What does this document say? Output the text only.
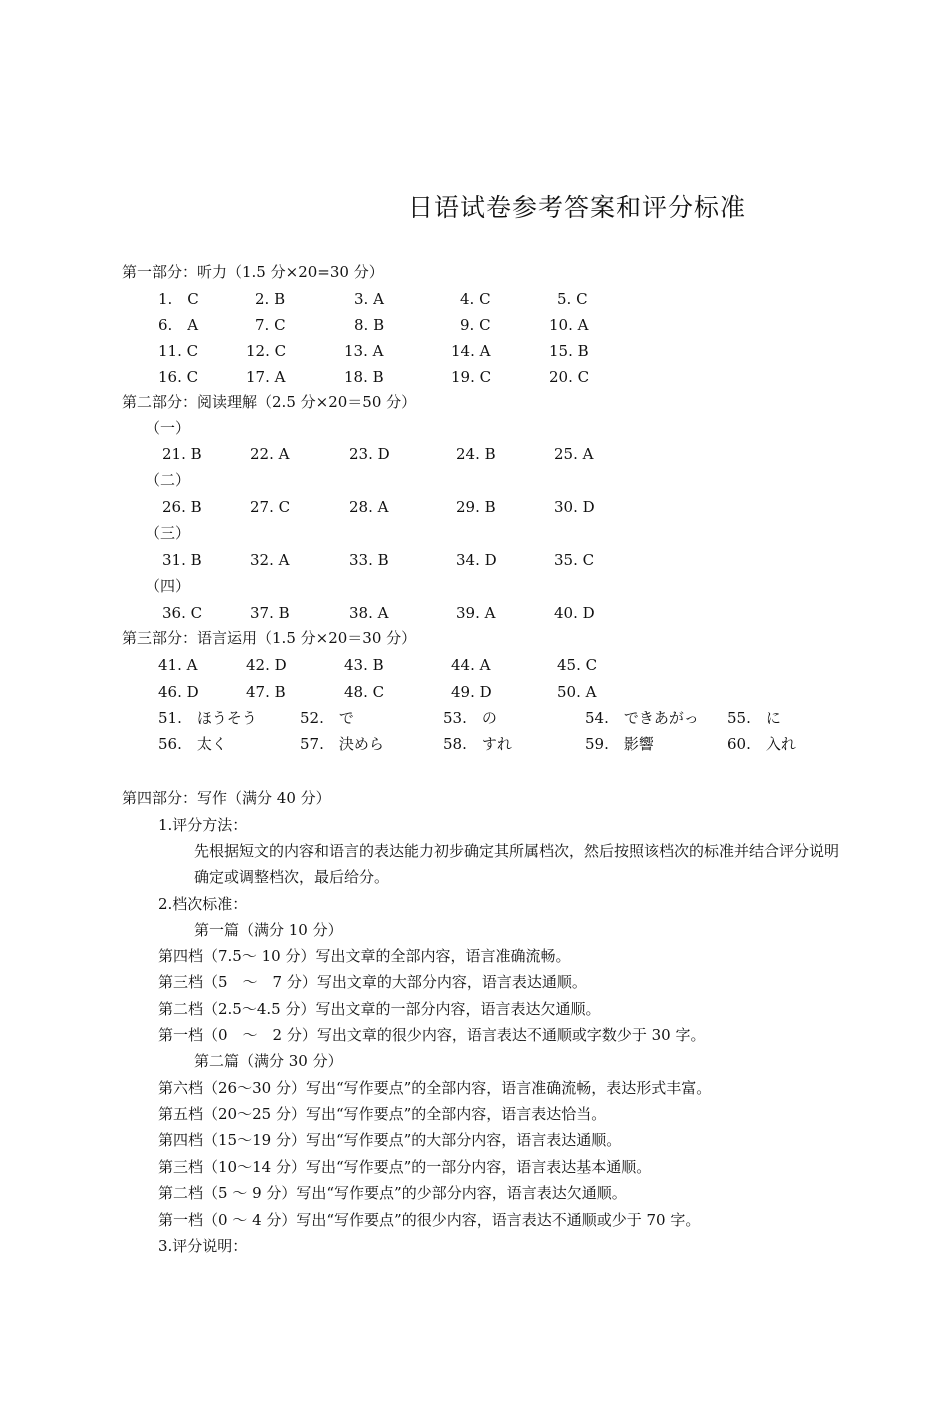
日语试卷参考答案和评分标准
第一部分：听力（1.5 分×20=30 分）
1.　C	2. B	3. A	4. C	5. C
6.　A	7. C	8. B	9. C	10. A
11. C	12. C	13. A	14. A	15. B
16. C	17. A	18. B	19. C	20. C
第二部分：阅读理解（2.5 分×20＝50 分）
（一）
21. B	22. A	23. D	24. B	25. A
（二）
26. B	27. C	28. A	29. B	30. D
（三）
31. B	32. A	33. B	34. D	35. C
（四）
36. C	37. B	38. A	39. A	40. D
第三部分：语言运用（1.5 分×20＝30 分）
41. A	42. D	43. B	44. A	45. C
46. D	47. B	48. C	49. D	50. A
51.　ほうそう	52.　で	53.　の	54.　できあがっ 55.　に
56.　太く	57.　決めら	58.　すれ	59.　影響	60.　入れ
第四部分：写作（满分 40 分）
1.评分方法：
先根据短文的内容和语言的表达能力初步确定其所属档次，然后按照该档次的标准并结合评分说明确定或调整档次，最后给分。
2.档次标准：
第一篇（满分 10 分）
第四档（7.5～ 10 分）写出文章的全部内容，语言准确流畅。
第三档（5　～　7 分）写出文章的大部分内容，语言表达通顺。
第二档（2.5～4.5 分）写出文章的一部分内容，语言表达欠通顺。
第一档（0　～　2 分）写出文章的很少内容，语言表达不通顺或字数少于 30 字。
第二篇（满分 30 分）
第六档（26～30 分）写出“写作要点”的全部内容，语言准确流畅，表达形式丰富。
第五档（20～25 分）写出“写作要点”的全部内容，语言表达恰当。
第四档（15～19 分）写出“写作要点”的大部分内容，语言表达通顺。
第三档（10～14 分）写出“写作要点”的一部分内容，语言表达基本通顺。
第二档（5 ～ 9 分）写出“写作要点”的少部分内容，语言表达欠通顺。
第一档（0 ～ 4 分）写出“写作要点”的很少内容，语言表达不通顺或少于 70 字。
3.评分说明：
